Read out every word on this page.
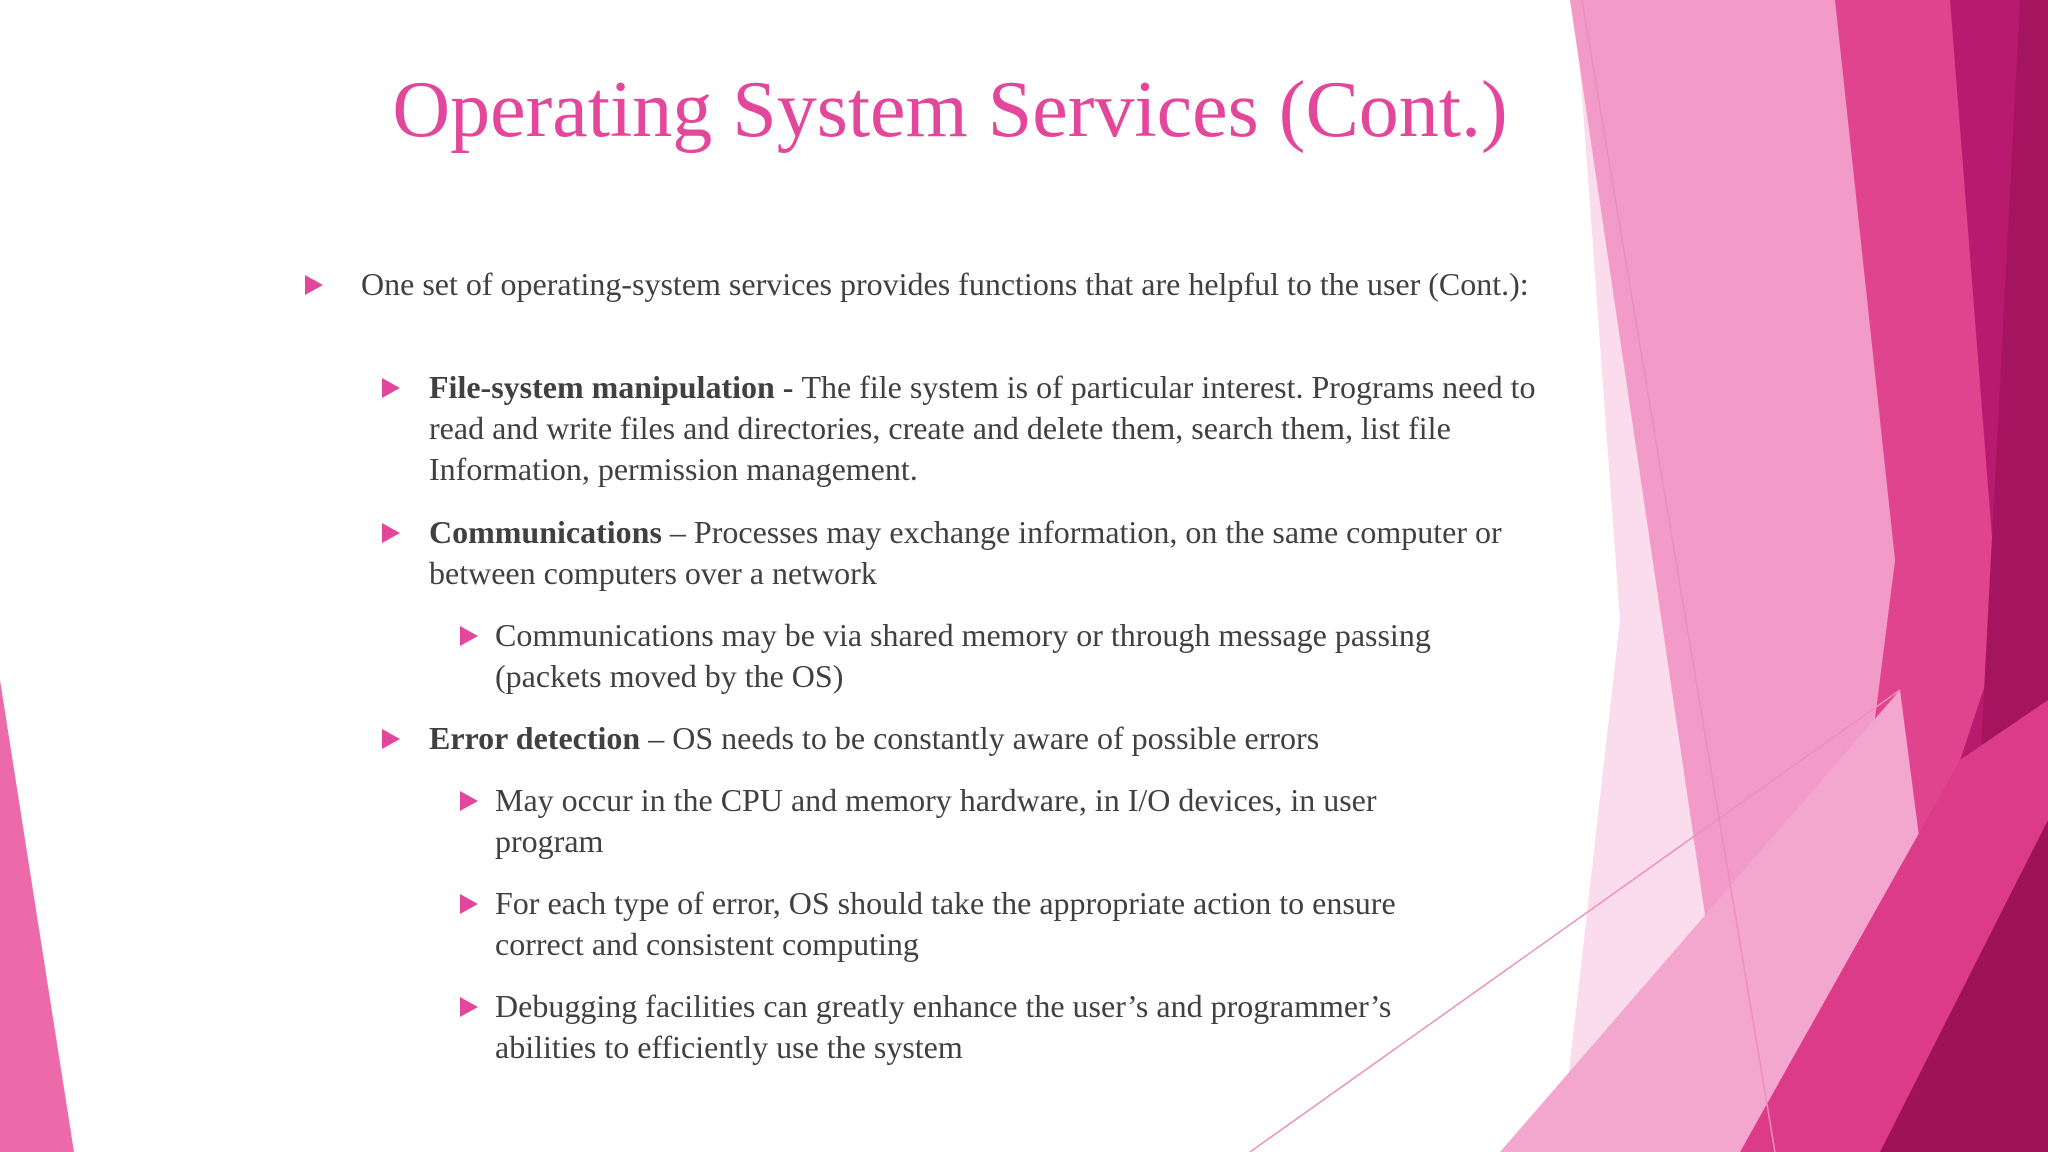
Operating System Services (Cont.)
One set of operating-system services provides functions that are helpful to the user (Cont.):
File-system manipulation - The file system is of particular interest. Programs need to read and write files and directories, create and delete them, search them, list file Information, permission management.
Communications – Processes may exchange information, on the same computer or between computers over a network
Communications may be via shared memory or through message passing (packets moved by the OS)
Error detection – OS needs to be constantly aware of possible errors
May occur in the CPU and memory hardware, in I/O devices, in user program
For each type of error, OS should take the appropriate action to ensure correct and consistent computing
Debugging facilities can greatly enhance the user’s and programmer’s abilities to efficiently use the system
